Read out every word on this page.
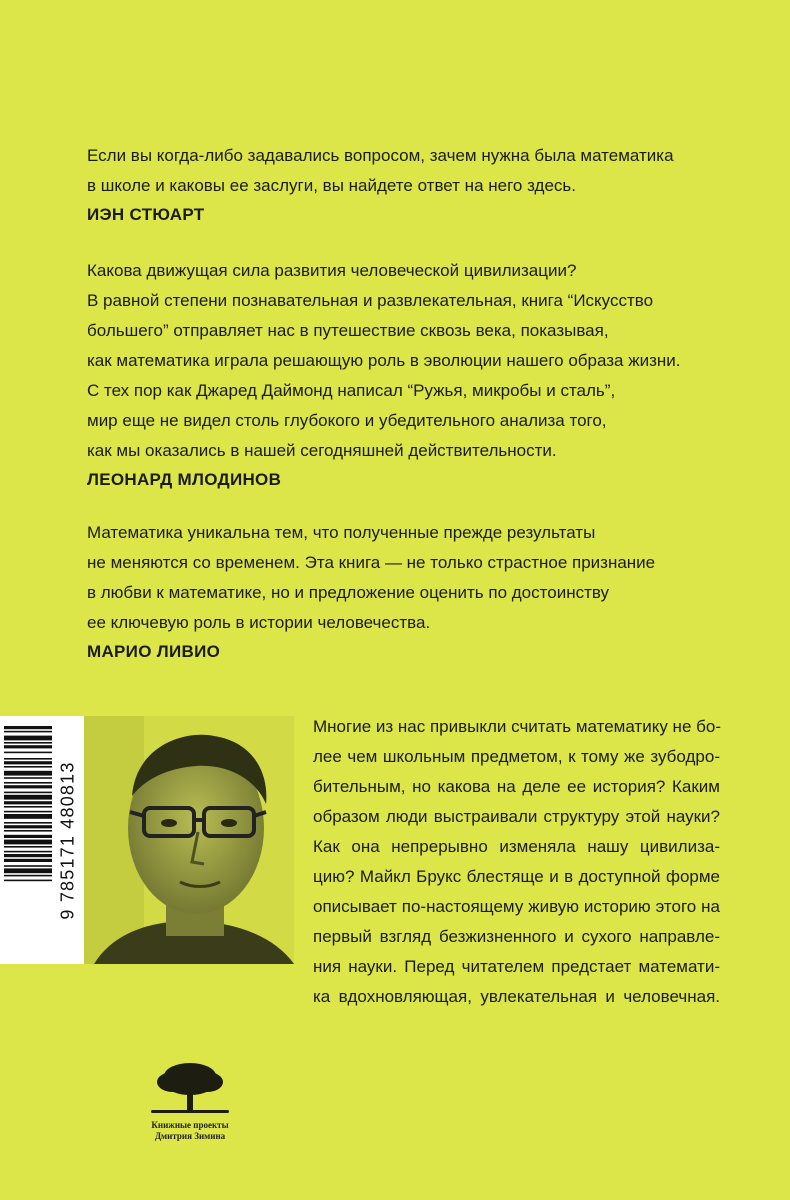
Если вы когда-либо задавались вопросом, зачем нужна была математика
в школе и каковы ее заслуги, вы найдете ответ на него здесь.
ИЭН СТЮАРТ
Какова движущая сила развития человеческой цивилизации?
В равной степени познавательная и развлекательная, книга “Искусство
большего” отправляет нас в путешествие сквозь века, показывая,
как математика играла решающую роль в эволюции нашего образа жизни.
С тех пор как Джаред Даймонд написал “Ружья, микробы и сталь”,
мир еще не видел столь глубокого и убедительного анализа того,
как мы оказались в нашей сегодняшней действительности.
ЛЕОНАРД МЛОДИНОВ
Математика уникальна тем, что полученные прежде результаты
не меняются со временем. Эта книга — не только страстное признание
в любви к математике, но и предложение оценить по достоинству
ее ключевую роль в истории человечества.
МАРИО ЛИВИО
9 785171 480813
Многие из нас привыкли считать математику не бо-
лее чем школьным предметом, к тому же зубодро-
бительным, но какова на деле ее история? Каким
образом люди выстраивали структуру этой науки?
Как она непрерывно изменяла нашу цивилиза-
цию? Майкл Брукс блестяще и в доступной форме
описывает по-настоящему живую историю этого на
первый взгляд безжизненного и сухого направле-
ния науки. Перед читателем предстает математи-
ка вдохновляющая, увлекательная и человечная.
Книжные проекты
Дмитрия Зимина
